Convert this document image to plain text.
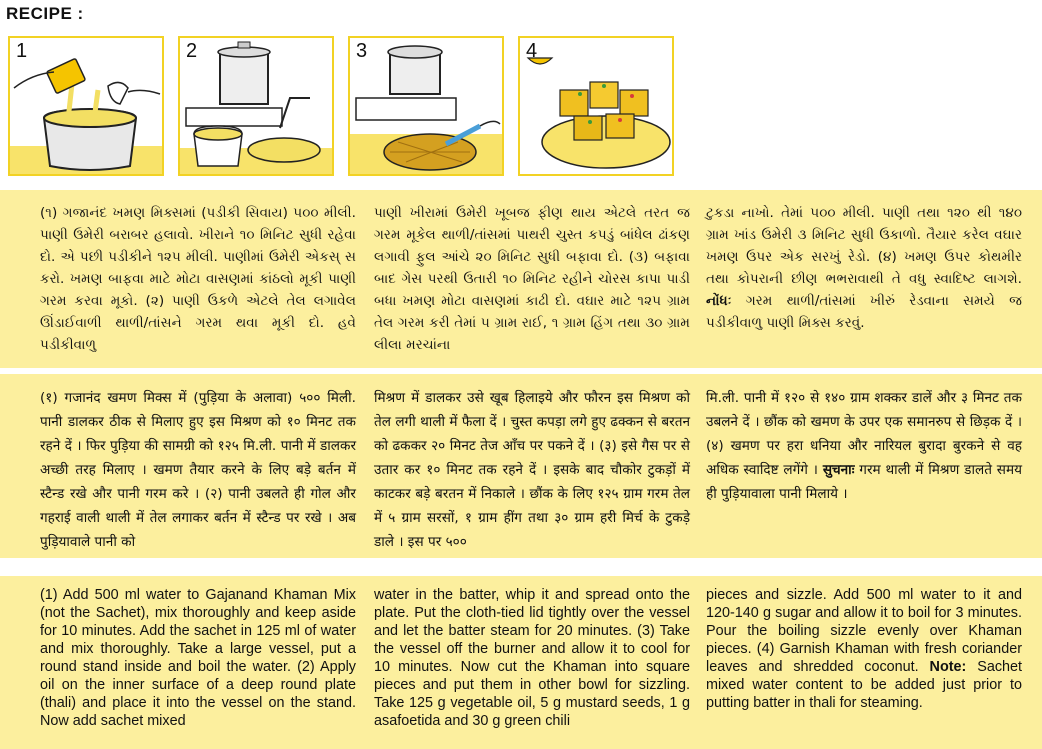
RECIPE :
1	2	3	4
(૧) ગજાનંદ ખમણ મિક્સમાં (પડીકી સિવાય) ૫૦૦ મીલી. પાણી ઉમેરી બરાબર હલાવો. ખીરાને ૧૦ મિનિટ સુધી રહેવા દો. એ પછી પડીકીને ૧૨૫ મીલી. પાણીમાં ઉમેરી એકસ્ સ કરો. ખમણ બાફવા માટે મોટા વાસણમાં કાંઠલો મૂકી પાણી ગરમ કરવા મૂકો. (૨) પાણી ઉકળે એટલે તેલ લગાવેલ ઊંડાઈવાળી થાળી/તાંસને ગરમ થવા મૂકી દો. હવે પડીકીવાળુ
પાણી ખીરામાં ઉમેરી ખૂબજ ફીણ થાય એટલે તરત જ ગરમ મૂકેલ થાળી/તાંસમાં પાથરી ચુસ્ત કપડું બાંધેલ ઢાંકણ લગાવી ફુલ આંચે ૨૦ મિનિટ સુધી બફાવા દો. (૩) બફાવા બાદ ગેસ પરથી ઉતારી ૧૦ મિનિટ રહીને ચોરસ કાપા પાડી બધા ખમણ મોટા વાસણમાં કાઢી દો. વઘાર માટે ૧૨૫ ગ્રામ તેલ ગરમ કરી તેમાં ૫ ગ્રામ રાઈ, ૧ ગ્રામ હિંગ તથા ૩૦ ગ્રામ લીલા મરચાંના
ટુકડા નાખો. તેમાં ૫૦૦ મીલી. પાણી તથા ૧૨૦ થી ૧૪૦ ગ્રામ ખાંડ ઉમેરી ૩ મિનિટ સુધી ઉકાળો. તૈયાર કરેલ વઘાર ખમણ ઉપર એક સરખું રેડો. (૪) ખમણ ઉપર કોથમીર તથા કોપરાની છીણ ભભરાવાથી તે વધુ સ્વાદિષ્ટ લાગશે. નોંધઃ ગરમ થાળી/તાંસમાં ખીરું રેડવાના સમયે જ પડીકીવાળુ પાણી મિક્સ કરવું.
(१) गजानंद खमण मिक्स में (पुड़िया के अलावा) ५०० मिली. पानी डालकर ठीक से मिलाए हुए इस मिश्रण को १० मिनट तक रहने दें । फिर पुड़िया की सामग्री को १२५ मि.ली. पानी में डालकर अच्छी तरह मिलाए । खमण तैयार करने के लिए बड़े बर्तन में स्टैन्ड रखे और पानी गरम करे । (२) पानी उबलते ही गोल और गहराई वाली थाली में तेल लगाकर बर्तन में स्टैन्ड पर रखे । अब पुड़ियावाले पानी को
मिश्रण में डालकर उसे खूब हिलाइये और फौरन इस मिश्रण को तेल लगी थाली में फैला दें । चुस्त कपड़ा लगे हुए ढक्कन से बरतन को ढककर २० मिनट तेज आँच पर पकने दें । (३) इसे गैस पर से उतार कर १० मिनट तक रहने दें । इसके बाद चौकोर टुकड़ों में काटकर बड़े बरतन में निकाले । छौंक के लिए १२५ ग्राम गरम तेल में ५ ग्राम सरसों, १ ग्राम हींग तथा ३० ग्राम हरी मिर्च के टुकड़े डाले । इस पर ५००
मि.ली. पानी में १२० से १४० ग्राम शक्कर डालें और ३ मिनट तक उबलने दें । छौंक को खमण के उपर एक समानरुप से छिड़क दें । (४) खमण पर हरा धनिया और नारियल बुरादा बुरकने से वह अधिक स्वादिष्ट लगेंगे । सुचनाः गरम थाली में मिश्रण डालते समय ही पुड़ियावाला पानी मिलाये ।
(1) Add 500 ml water to Gajanand Khaman Mix (not the Sachet), mix thoroughly and keep aside for 10 minutes. Add the sachet in 125 ml of water and mix thoroughly. Take a large vessel, put a round stand inside and boil the water. (2) Apply oil on the inner surface of a deep round plate (thali) and place it into the vessel on the stand. Now add sachet mixed
water in the batter, whip it and spread onto the plate. Put the cloth-tied lid tightly over the vessel and let the batter steam for 20 minutes. (3) Take the vessel off the burner and allow it to cool for 10 minutes. Now cut the Khaman into square pieces and put them in other bowl for sizzling. Take 125 g vegetable oil, 5 g mustard seeds, 1 g asafoetida and 30 g green chili
pieces and sizzle. Add 500 ml water to it and 120-140 g sugar and allow it to boil for 3 minutes. Pour the boiling sizzle evenly over Khaman pieces. (4) Garnish Khaman with fresh coriander leaves and shredded coconut. Note: Sachet mixed water content to be added just prior to putting batter in thali for steaming.
